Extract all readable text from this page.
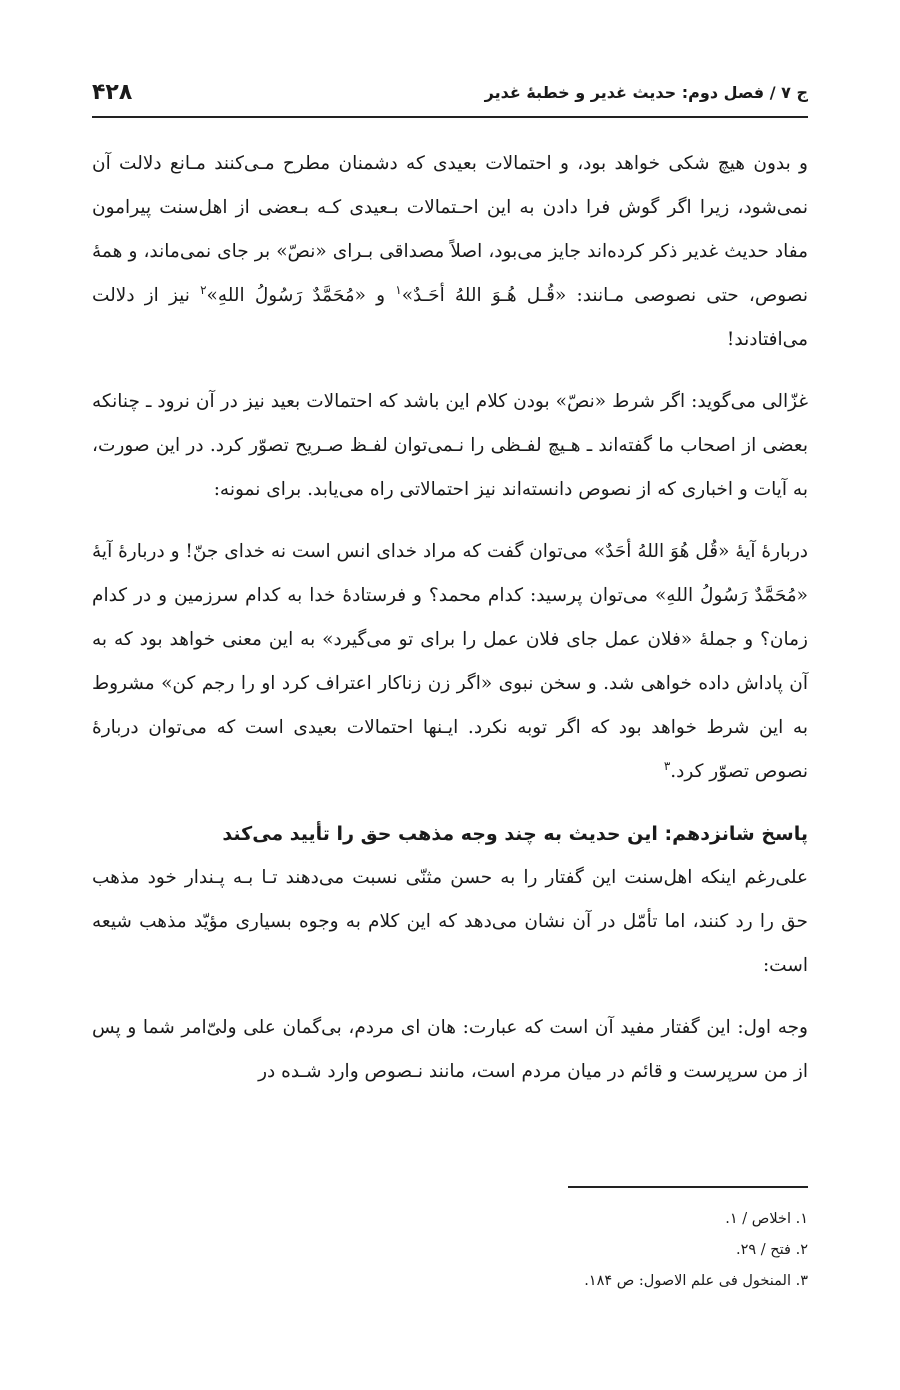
ج ۷ / فصل دوم: حدیث غدیر و خطبهٔ غدیر
۴۲۸

و بدون هیچ شکی خواهد بود، و احتمالات بعیدی که دشمنان مطرح مـی‌کنند مـانع دلالت آن نمی‌شود، زیرا اگر گوش فرا دادن به این احـتمالات بـعیدی کـه بـعضی از اهل‌سنت پیرامون مفاد حدیث غدیر ذکر کرده‌اند جایز می‌بود، اصلاً مصداقی بـرای «نصّ» بر جای نمی‌ماند، و همهٔ نصوص، حتی نصوصی مـانند: «قُـل هُـوَ اللهُ أحَـدٌ»$^۱$ و «مُحَمَّدٌ رَسُولُ اللهِ»$^۲$ نیز از دلالت می‌افتادند!

غزّالی می‌گوید: اگر شرط «نصّ» بودن کلام این باشد که احتمالات بعید نیز در آن نرود ـ چنانکه بعضی از اصحاب ما گفته‌اند ـ هـیچ لفـظی را نـمی‌توان لفـظ صـریح تصوّر کرد. در این صورت، به آیات و اخباری که از نصوص دانسته‌اند نیز احتمالاتی راه می‌یابد. برای نمونه:

دربارهٔ آیهٔ «قُل هُوَ اللهُ أحَدٌ» می‌توان گفت که مراد خدای انس است نه خدای جنّ! و دربارهٔ آیهٔ «مُحَمَّدٌ رَسُولُ اللهِ» می‌توان پرسید: کدام محمد؟ و فرستادهٔ خدا به کدام سرزمین و در کدام زمان؟ و جملهٔ «فلان عمل جای فلان عمل را برای تو می‌گیرد» به این معنی خواهد بود که به آن پاداش داده خواهی شد. و سخن نبوی «اگر زن زناکار اعتراف کرد او را رجم کن» مشروط به این شرط خواهد بود که اگر توبه نکرد. ایـنها احتمالات بعیدی است که می‌توان دربارهٔ نصوص تصوّر کرد.$^۳$

پاسخ شانزدهم: این حدیث به چند وجه مذهب حق را تأیید می‌کند

علی‌رغم اینکه اهل‌سنت این گفتار را به حسن مثنّی نسبت می‌دهند تـا بـه پـندار خود مذهب حق را رد کنند، اما تأمّل در آن نشان می‌دهد که این کلام به وجوه بسیاری مؤیّد مذهب شیعه است:

وجه اول: این گفتار مفید آن است که عبارت: هان ای مردم، بی‌گمان علی ولیّ‌امر شما و پس از من سرپرست و قائم در میان مردم است، مانند نـصوص وارد شـده در

۱. اخلاص / ۱.

۲. فتح / ۲۹.

۳. المنخول فی علم الاصول: ص ۱۸۴.
